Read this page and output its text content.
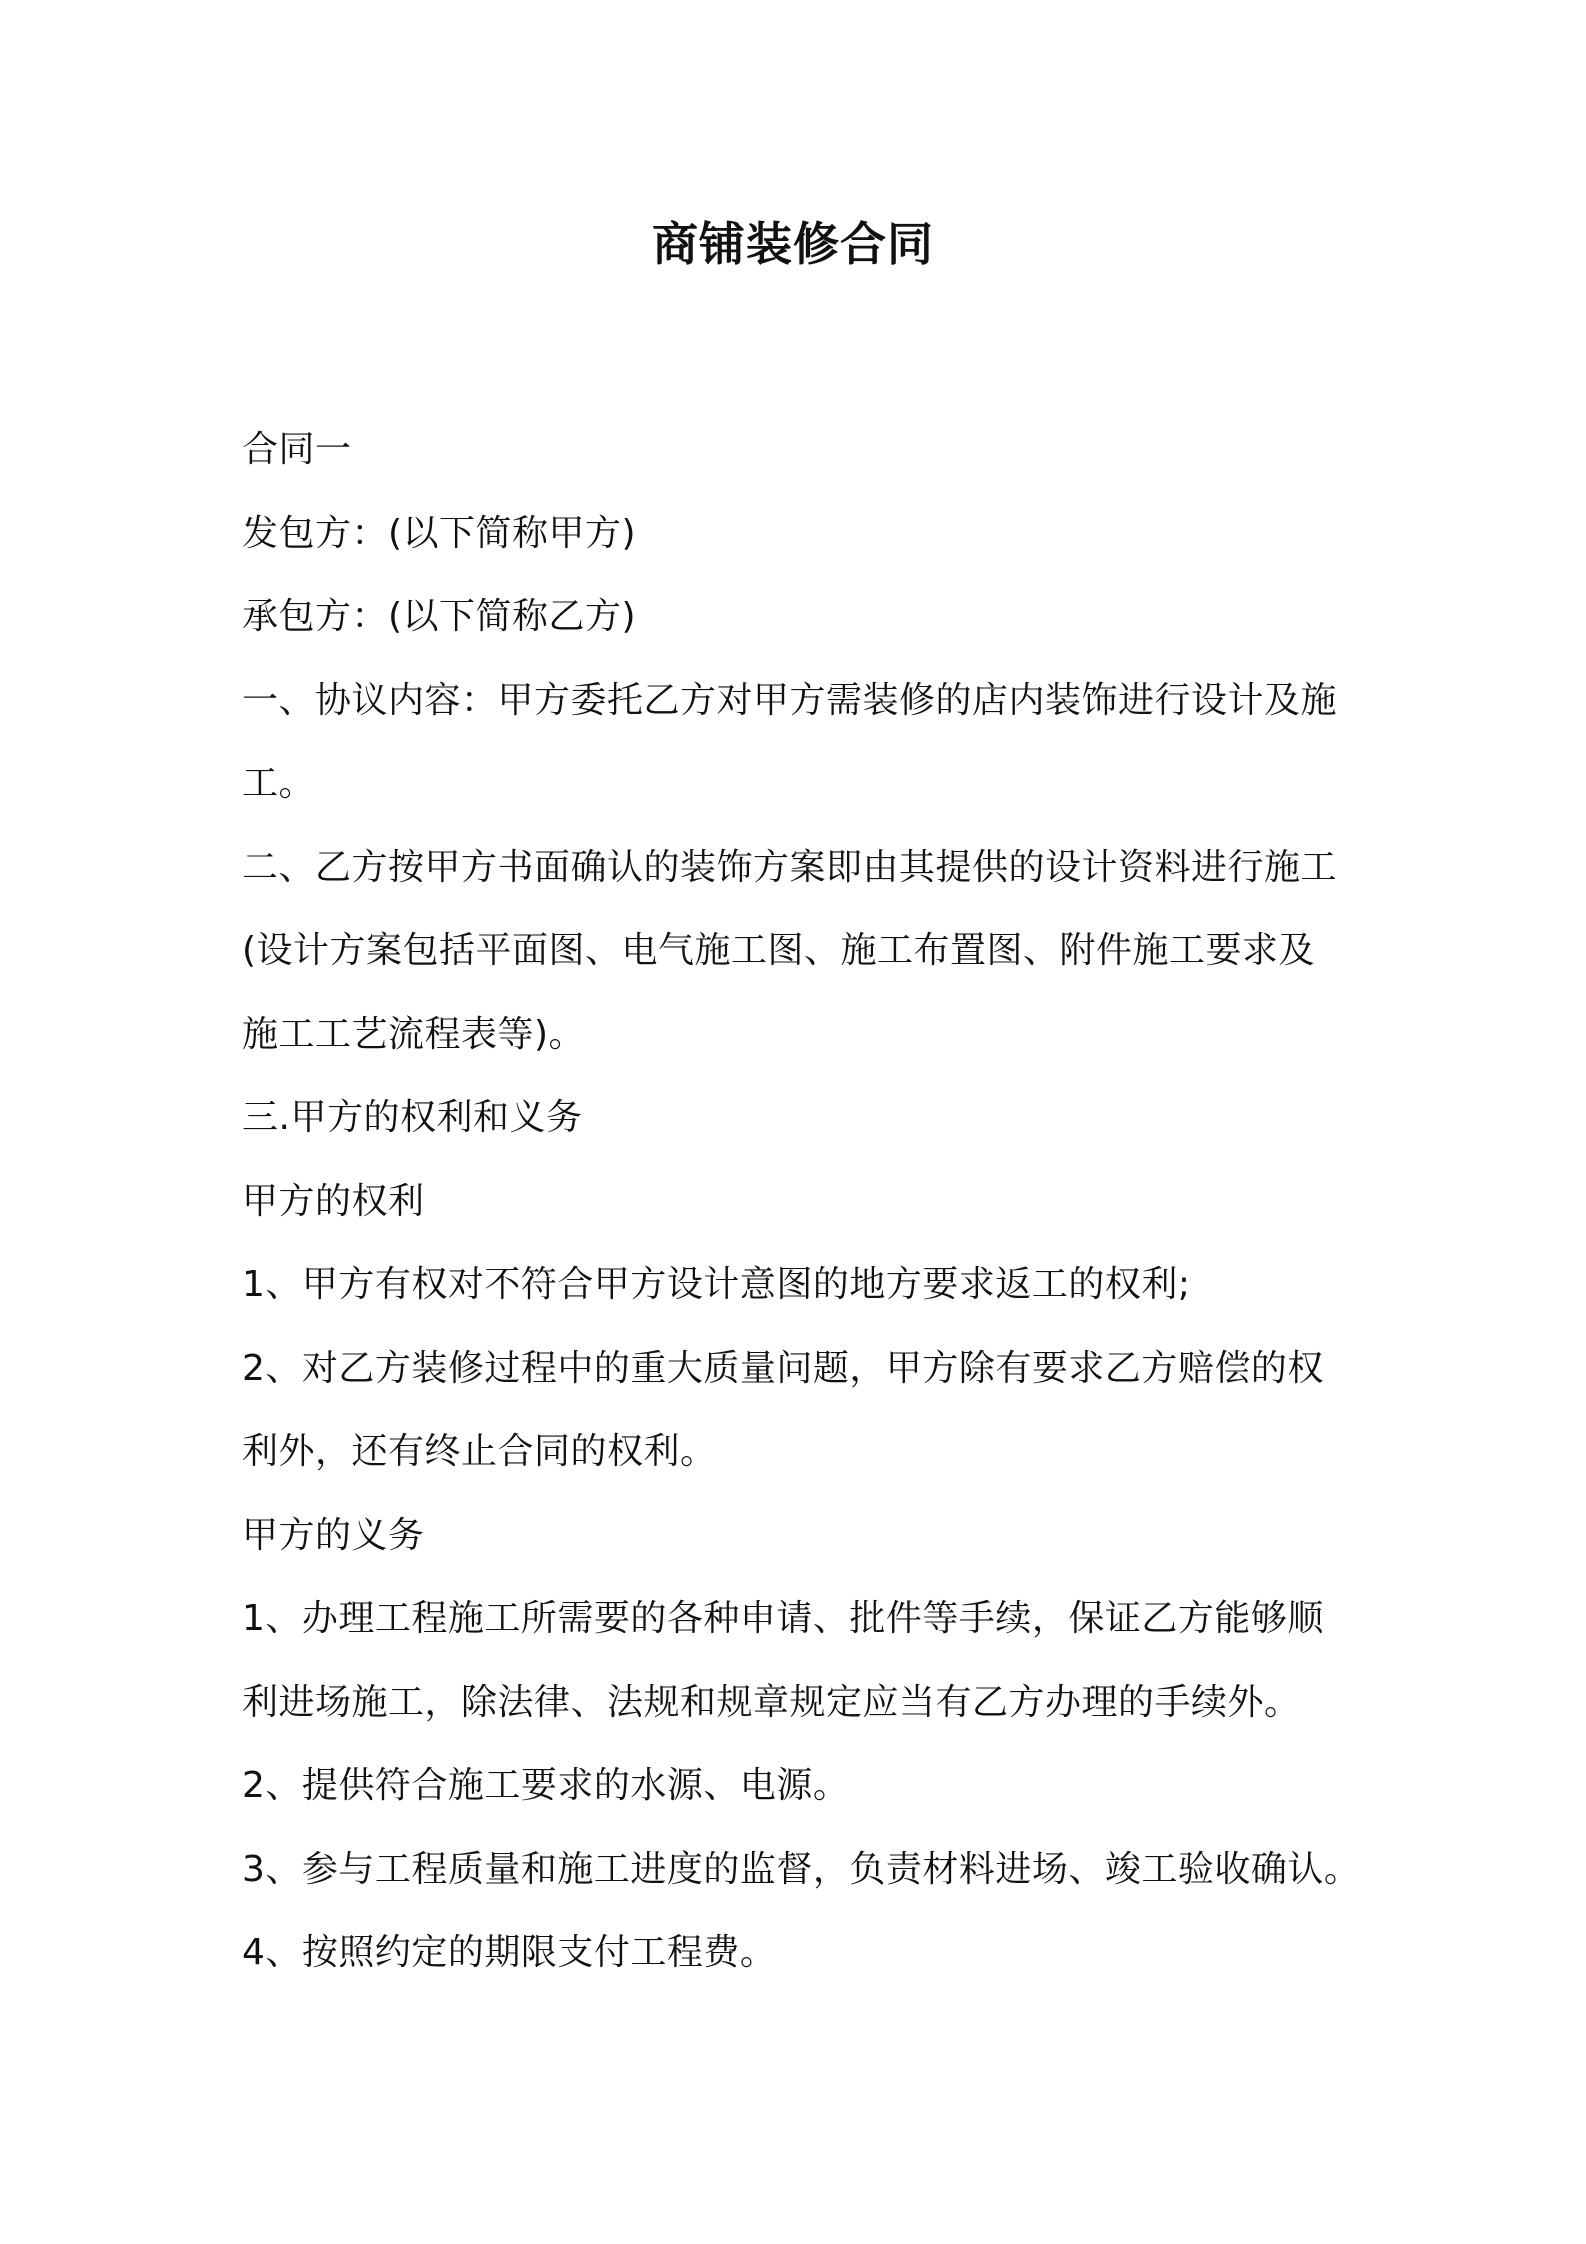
商铺装修合同
合同一
发包方：(以下简称甲方)
承包方：(以下简称乙方)
一、协议内容：甲方委托乙方对甲方需装修的店内装饰进行设计及施
工。
二、乙方按甲方书面确认的装饰方案即由其提供的设计资料进行施工
(设计方案包括平面图、电气施工图、施工布置图、附件施工要求及
施工工艺流程表等)。
三.甲方的权利和义务
甲方的权利
1、甲方有权对不符合甲方设计意图的地方要求返工的权利;
2、对乙方装修过程中的重大质量问题，甲方除有要求乙方赔偿的权
利外，还有终止合同的权利。
甲方的义务
1、办理工程施工所需要的各种申请、批件等手续，保证乙方能够顺
利进场施工，除法律、法规和规章规定应当有乙方办理的手续外。
2、提供符合施工要求的水源、电源。
3、参与工程质量和施工进度的监督，负责材料进场、竣工验收确认。
4、按照约定的期限支付工程费。
